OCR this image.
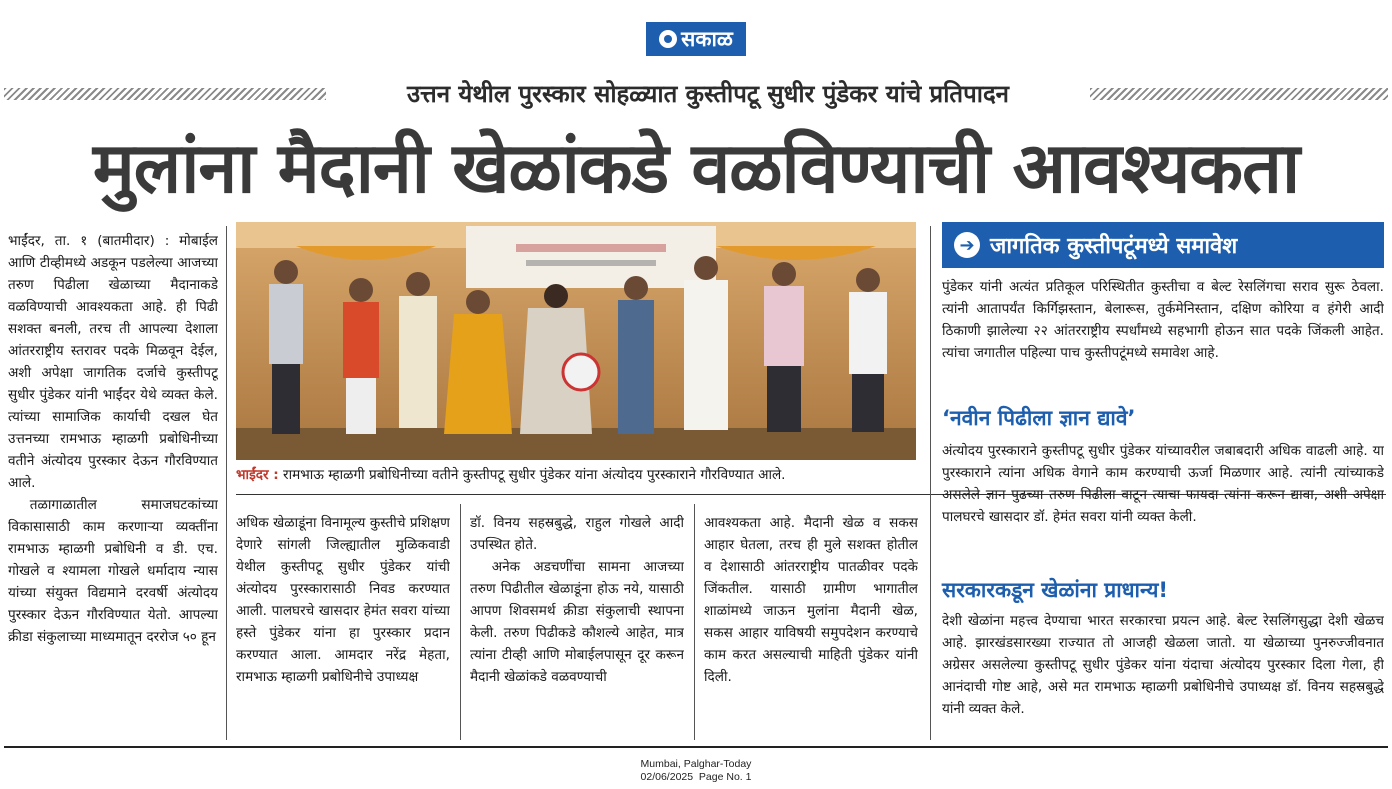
सकाळ
उत्तन येथील पुरस्कार सोहळ्यात कुस्तीपटू सुधीर पुंडेकर यांचे प्रतिपादन
मुलांना मैदानी खेळांकडे वळविण्याची आवश्यकता

भाईंदर, ता. १ (बातमीदार) : मोबाईल आणि टीव्हीमध्ये अडकून पडलेल्या आजच्या तरुण पिढीला खेळाच्या मैदानाकडे वळविण्याची आवश्यकता आहे. ही पिढी सशक्त बनली, तरच ती आपल्या देशाला आंतरराष्ट्रीय स्तरावर पदके मिळवून देईल, अशी अपेक्षा जागतिक दर्जाचे कुस्तीपटू सुधीर पुंडेकर यांनी भाईंदर येथे व्यक्त केले. त्यांच्या सामाजिक कार्याची दखल घेत उत्तनच्या रामभाऊ म्हाळगी प्रबोधिनीच्या वतीने अंत्योदय पुरस्कार देऊन गौरविण्यात आले.

तळागाळातील समाजघटकांच्या विकासासाठी काम करणाऱ्या व्यक्तींना रामभाऊ म्हाळगी प्रबोधिनी व डी. एच. गोखले व श्यामला गोखले धर्मादाय न्यास यांच्या संयुक्त विद्यमाने दरवर्षी अंत्योदय पुरस्कार देऊन गौरविण्यात येतो. आपल्या क्रीडा संकुलाच्या माध्यमातून दररोज ५० हून

भाईंदर : रामभाऊ म्हाळगी प्रबोधिनीच्या वतीने कुस्तीपटू सुधीर पुंडेकर यांना अंत्योदय पुरस्काराने गौरविण्यात आले.

अधिक खेळाडूंना विनामूल्य कुस्तीचे प्रशिक्षण देणारे सांगली जिल्ह्यातील मुळिकवाडी येथील कुस्तीपटू सुधीर पुंडेकर यांची अंत्योदय पुरस्कारासाठी निवड करण्यात आली. पालघरचे खासदार हेमंत सवरा यांच्या हस्ते पुंडेकर यांना हा पुरस्कार प्रदान करण्यात आला. आमदार नरेंद्र मेहता, रामभाऊ म्हाळगी प्रबोधिनीचे उपाध्यक्ष

डॉ. विनय सहस्रबुद्धे, राहुल गोखले आदी उपस्थित होते.

अनेक अडचणींचा सामना आजच्या तरुण पिढीतील खेळाडूंना होऊ नये, यासाठी आपण शिवसमर्थ क्रीडा संकुलाची स्थापना केली. तरुण पिढीकडे कौशल्ये आहेत, मात्र त्यांना टीव्ही आणि मोबाईलपासून दूर करून मैदानी खेळांकडे वळवण्याची

आवश्यकता आहे. मैदानी खेळ व सकस आहार घेतला, तरच ही मुले सशक्त होतील व देशासाठी आंतरराष्ट्रीय पातळीवर पदके जिंकतील. यासाठी ग्रामीण भागातील शाळांमध्ये जाऊन मुलांना मैदानी खेळ, सकस आहार याविषयी समुपदेशन करण्याचे काम करत असल्याची माहिती पुंडेकर यांनी दिली.

➔ जागतिक कुस्तीपटूंमध्ये समावेश

पुंडेकर यांनी अत्यंत प्रतिकूल परिस्थितीत कुस्तीचा व बेल्ट रेसलिंगचा सराव सुरू ठेवला. त्यांनी आतापर्यंत किर्गिझस्तान, बेलारूस, तुर्कमेनिस्तान, दक्षिण कोरिया व हंगेरी आदी ठिकाणी झालेल्या २२ आंतरराष्ट्रीय स्पर्धांमध्ये सहभागी होऊन सात पदके जिंकली आहेत. त्यांचा जगातील पहिल्या पाच कुस्तीपटूंमध्ये समावेश आहे.

‘नवीन पिढीला ज्ञान द्यावे’

अंत्योदय पुरस्काराने कुस्तीपटू सुधीर पुंडेकर यांच्यावरील जबाबदारी अधिक वाढली आहे. या पुरस्काराने त्यांना अधिक वेगाने काम करण्याची ऊर्जा मिळणार आहे. त्यांनी त्यांच्याकडे असलेले ज्ञान पुढच्या तरुण पिढीला वाटून त्याचा फायदा त्यांना करून द्यावा, अशी अपेक्षा पालघरचे खासदार डॉ. हेमंत सवरा यांनी व्यक्त केली.

सरकारकडून खेळांना प्राधान्य!

देशी खेळांना महत्त्व देण्याचा भारत सरकारचा प्रयत्न आहे. बेल्ट रेसलिंगसुद्धा देशी खेळच आहे. झारखंडसारख्या राज्यात तो आजही खेळला जातो. या खेळाच्या पुनरुज्जीवनात अग्रेसर असलेल्या कुस्तीपटू सुधीर पुंडेकर यांना यंदाचा अंत्योदय पुरस्कार दिला गेला, ही आनंदाची गोष्ट आहे, असे मत रामभाऊ म्हाळगी प्रबोधिनीचे उपाध्यक्ष डॉ. विनय सहस्रबुद्धे यांनी व्यक्त केले.

Mumbai, Palghar-Today
02/06/2025  Page No. 1
